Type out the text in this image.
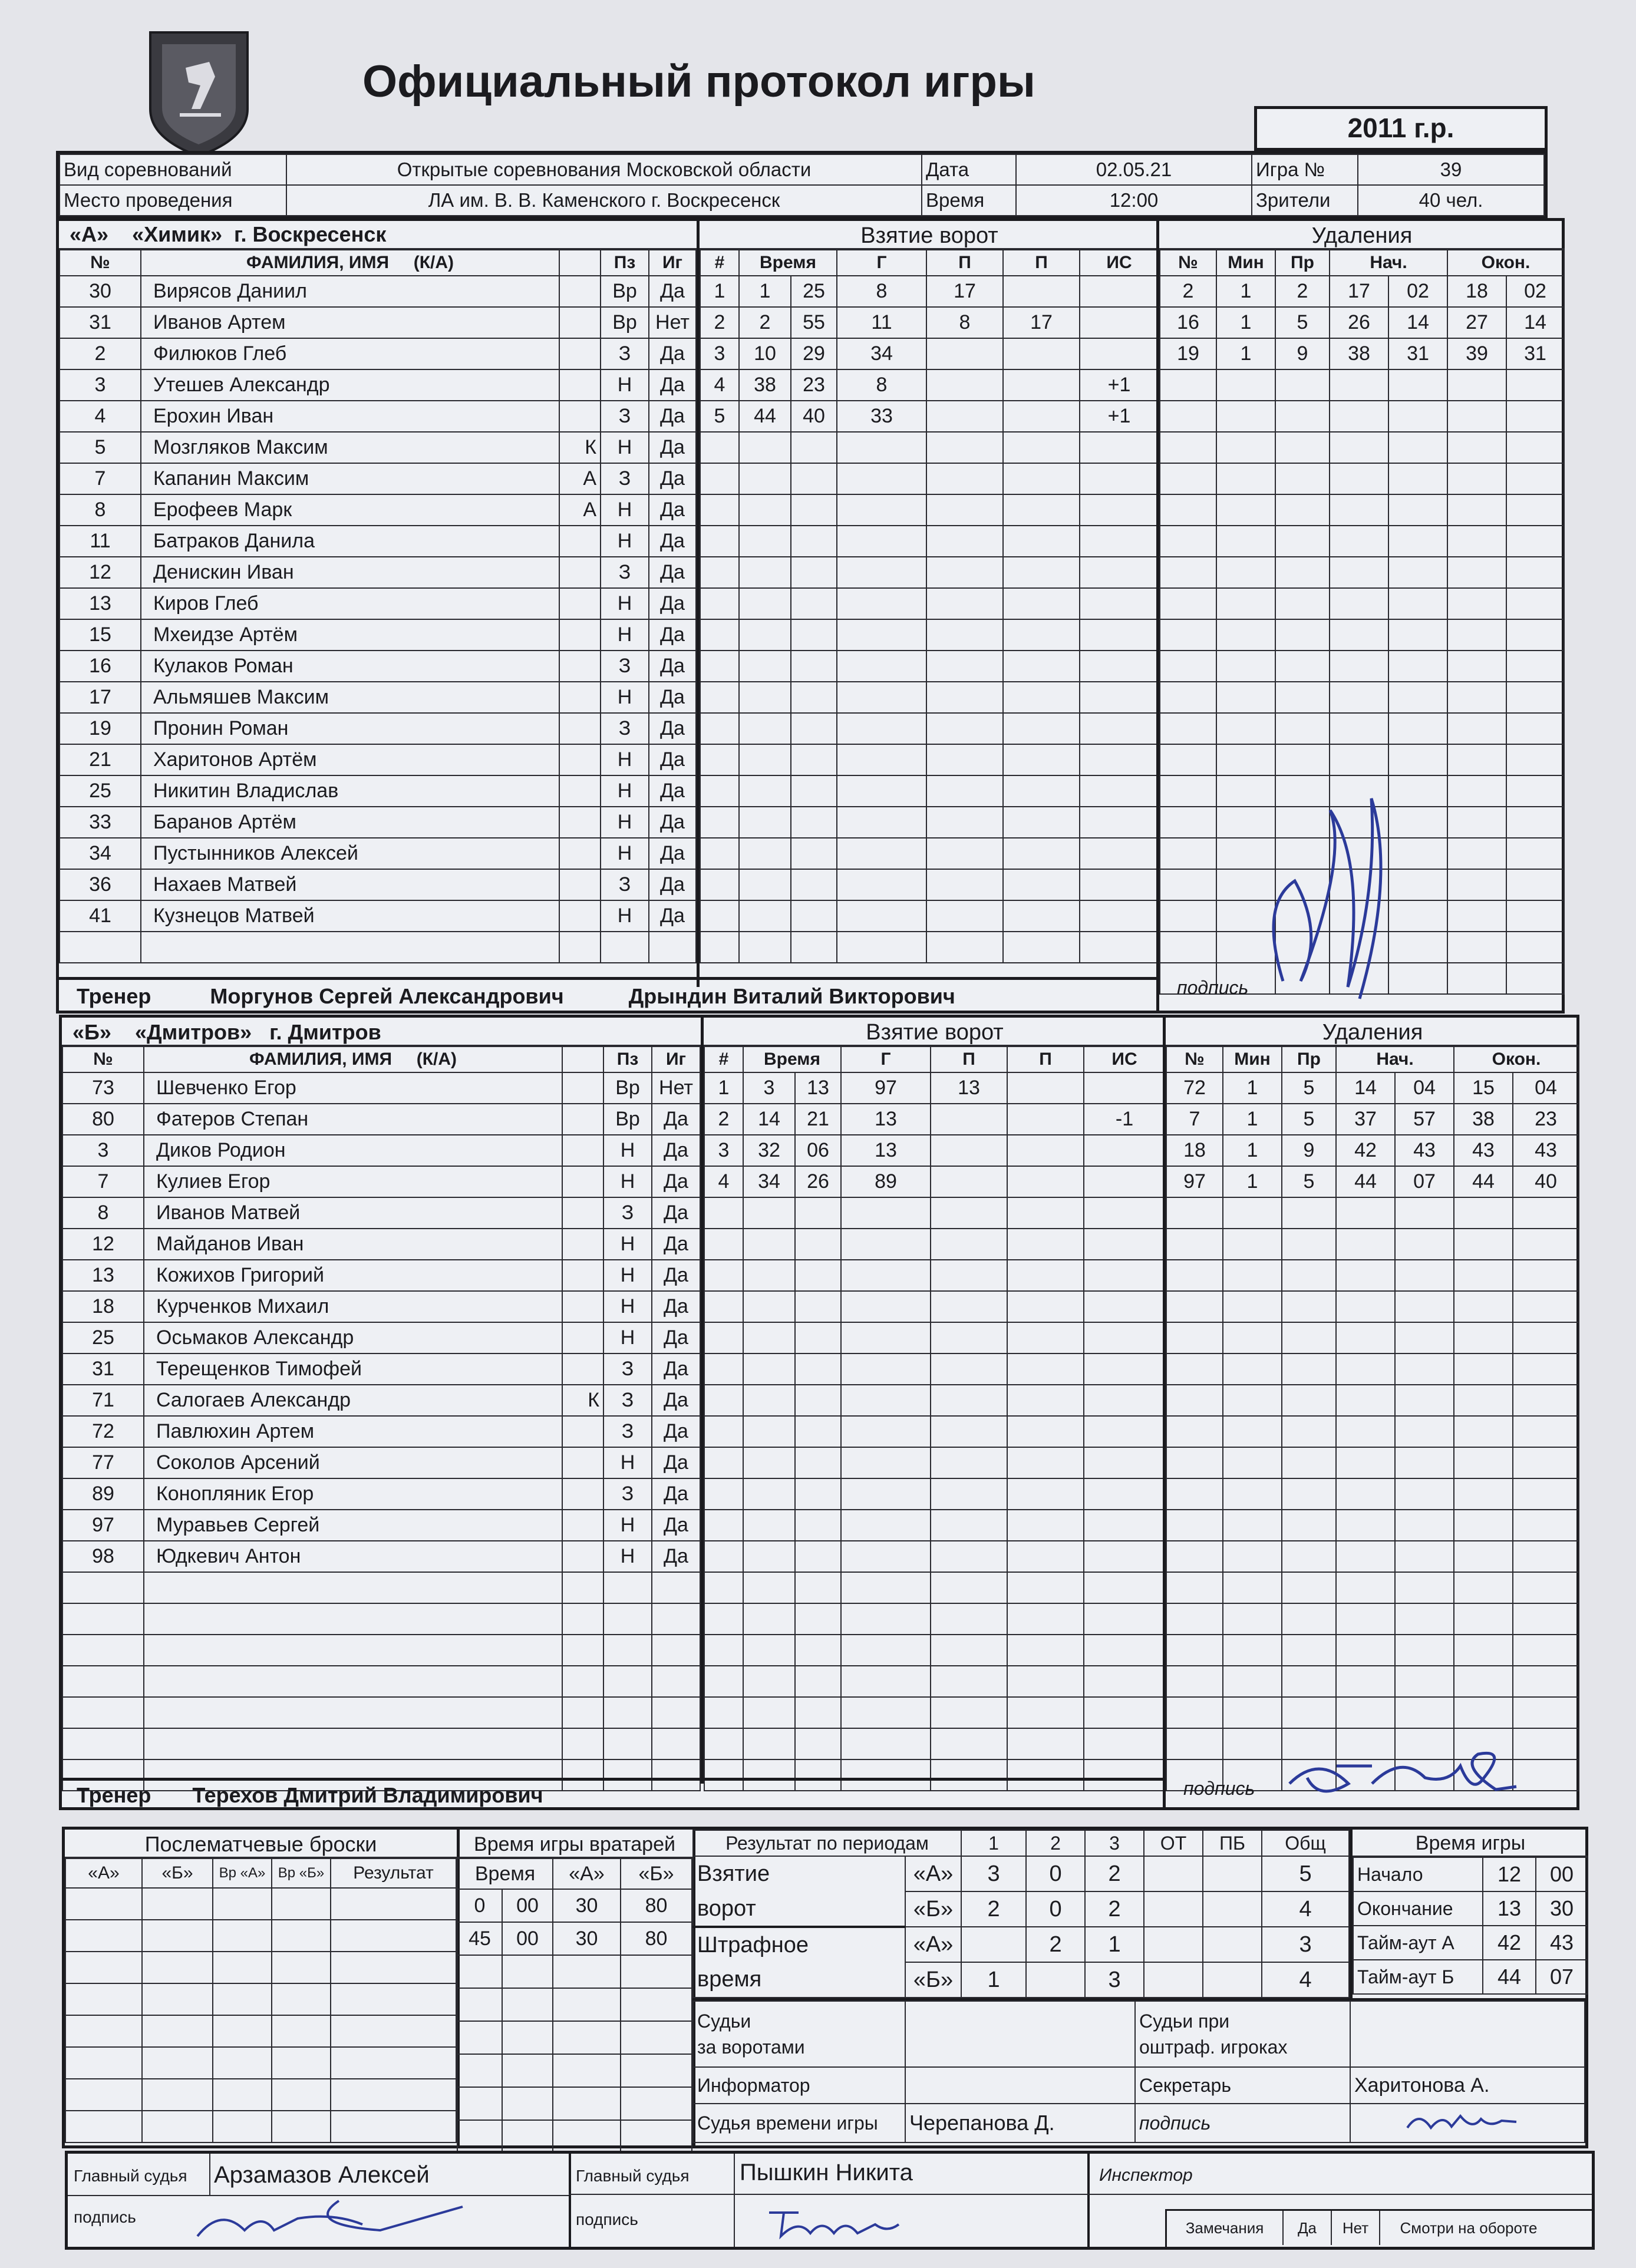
Официальный протокол игры
2011 г.р.
Вид соревнований	Открытые соревнования Московской области	Дата	02.05.21	Игра №	39
Место проведения	ЛА им. В. В. Каменского г. Воскресенск	Время	12:00	Зрители	40 чел.
«А» «Химик» г. Воскресенск
№	ФАМИЛИЯ, ИМЯ (К/А)		Пз	Иг
30	Вирясов Даниил		Вр	Да
31	Иванов Артем		Вр	Нет
2	Филюков Глеб		З	Да
3	Утешев Александр		Н	Да
4	Ерохин Иван		З	Да
5	Мозгляков Максим	К	Н	Да
7	Капанин Максим	А	З	Да
8	Ерофеев Марк	А	Н	Да
11	Батраков Данила		Н	Да
12	Денискин Иван		З	Да
13	Киров Глеб		Н	Да
15	Мхеидзе Артём		Н	Да
16	Кулаков Роман		З	Да
17	Альмяшев Максим		Н	Да
19	Пронин Роман		З	Да
21	Харитонов Артём		Н	Да
25	Никитин Владислав		Н	Да
33	Баранов Артём		Н	Да
34	Пустынников Алексей		Н	Да
36	Нахаев Матвей		З	Да
41	Кузнецов Матвей		Н	Да

Взятие ворот
#	Время		Г	П	П	ИС
1	1	25	8	17		
2	2	55	11	8	17	
3	10	29	34			
4	38	23	8			+1
5	44	40	33			+1

Удаления
№	Мин	Пр	Нач.		Окон.	
2	1	2	17	02	18	02
16	1	5	26	14	27	14
19	1	9	38	31	39	31

подпись
Тренер	Моргунов Сергей Александрович	Дрындин Виталий Викторович
«Б» «Дмитров» г. Дмитров
№	ФАМИЛИЯ, ИМЯ (К/А)		Пз	Иг
73	Шевченко Егор		Вр	Нет
80	Фатеров Степан		Вр	Да
3	Диков Родион		Н	Да
7	Кулиев Егор		Н	Да
8	Иванов Матвей		З	Да
12	Майданов Иван		Н	Да
13	Кожихов Григорий		Н	Да
18	Курченков Михаил		Н	Да
25	Осьмаков Александр		Н	Да
31	Терещенков Тимофей		З	Да
71	Салогаев Александр	К	З	Да
72	Павлюхин Артем		З	Да
77	Соколов Арсений		Н	Да
89	Конопляник Егор		З	Да
97	Муравьев Сергей		Н	Да
98	Юдкевич Антон		Н	Да

Взятие ворот
#	Время		Г	П	П	ИС
1	3	13	97	13		
2	14	21	13			-1
3	32	06	13			
4	34	26	89			

Удаления
№	Мин	Пр	Нач.		Окон.	
72	1	5	14	04	15	04
7	1	5	37	57	38	23
18	1	9	42	43	43	43
97	1	5	44	07	44	40

подпись
Тренер Терехов Дмитрий Владимирович
Послематчевые броски
«А»	«Б»	Вр «А»	Вр «Б»	Результат

Время игры вратарей
Время		«А»	«Б»
0	00	30	80
45	00	30	80

Результат по периодам		1	2	3	ОТ	ПБ	Общ
Взятие	«А»	3	0	2			5
ворот	«Б»	2	0	2			4
Штрафное	«А»		2	1			3
время	«Б»	1		3			4
Время игры
Начало	12	00
Окончание	13	30
Тайм-аут А	42	43
Тайм-аут Б	44	07
Судьи
за воротами		Судьи при
оштраф. игроках	
Информатор		Секретарь	Харитонова А.
Судья времени игры	Черепанова Д.	подпись	
Главный судья Арзамазов Алексей
подпись
Главный судья Пышкин Никита
подпись
Инспектор
Замечания Да Нет Смотри на обороте
